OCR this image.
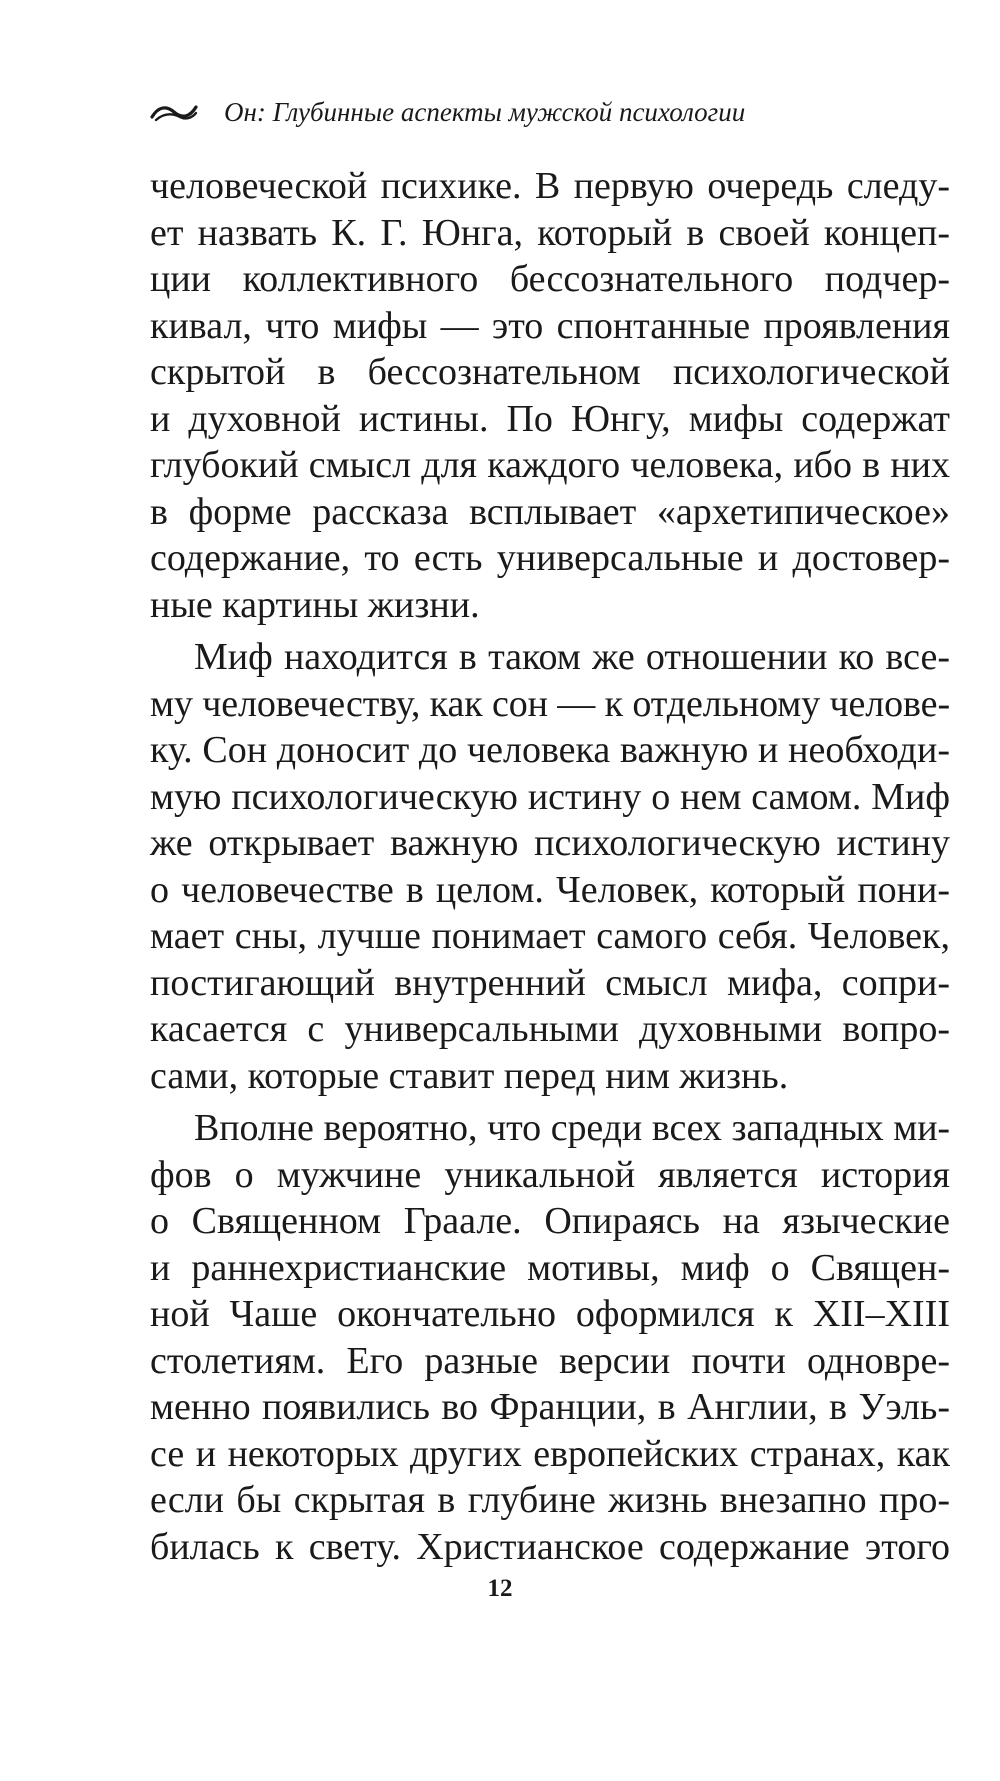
Он: Глубинные аспекты мужской психологии
человеческой психике. В первую очередь следу-
ет назвать К. Г. Юнга, который в своей концеп-
ции коллективного бессознательного подчер-
кивал, что мифы — это спонтанные проявления
скрытой в бессознательном психологической
и духовной истины. По Юнгу, мифы содержат
глубокий смысл для каждого человека, ибо в них
в форме рассказа всплывает «архетипическое»
содержание, то есть универсальные и достовер-
ные картины жизни.
Миф находится в таком же отношении ко все-
му человечеству, как сон — к отдельному челове-
ку. Сон доносит до человека важную и необходи-
мую психологическую истину о нем самом. Миф
же открывает важную психологическую истину
о человечестве в целом. Человек, который пони-
мает сны, лучше понимает самого себя. Человек,
постигающий внутренний смысл мифа, сопри-
касается с универсальными духовными вопро-
сами, которые ставит перед ним жизнь.
Вполне вероятно, что среди всех западных ми-
фов о мужчине уникальной является история
о Священном Граале. Опираясь на языческие
и раннехристианские мотивы, миф о Священ-
ной Чаше окончательно оформился к XII–XIII
столетиям. Его разные версии почти одновре-
менно появились во Франции, в Англии, в Уэль-
се и некоторых других европейских странах, как
если бы скрытая в глубине жизнь внезапно про-
билась к свету. Христианское содержание этого
12
